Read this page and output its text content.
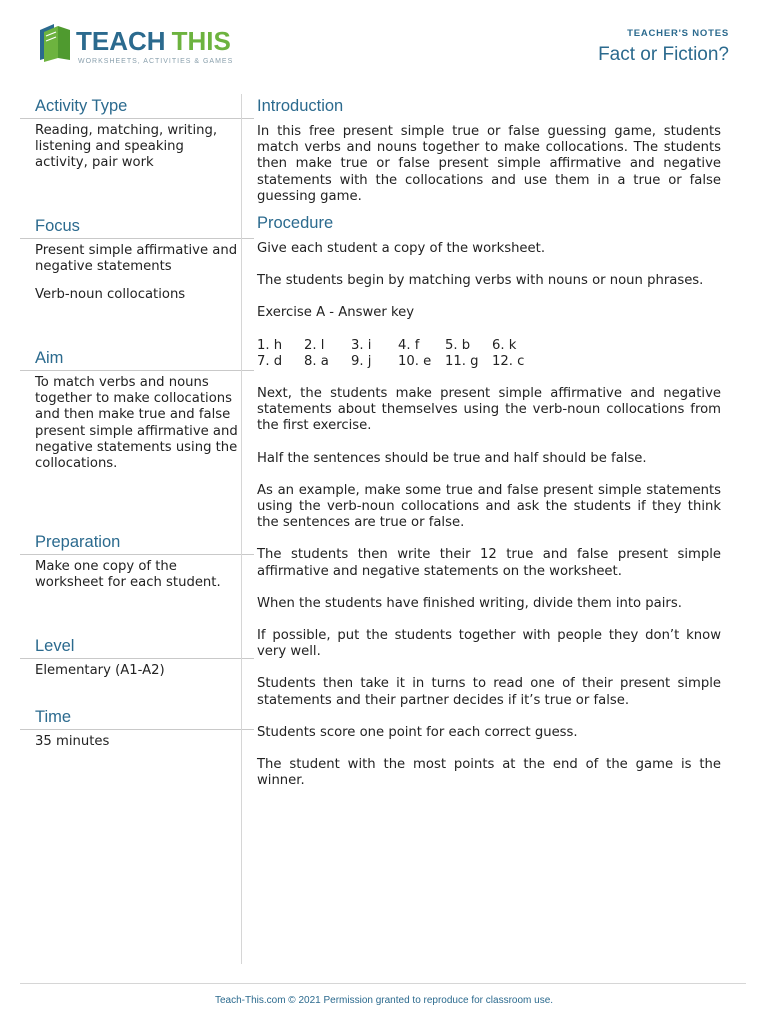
TEACH THIS
WORKSHEETS, ACTIVITIES & GAMES
TEACHER'S NOTES
Fact or Fiction?
Activity Type

Reading, matching, writing, listening and speaking activity, pair work

Focus

Present simple affirmative and negative statements

Verb-noun collocations

Aim

To match verbs and nouns together to make collocations and then make true and false present simple affirmative and negative statements using the collocations.

Preparation

Make one copy of the worksheet for each student.

Level

Elementary (A1-A2)

Time

35 minutes

Introduction

In this free present simple true or false guessing game, students match verbs and nouns together to make collocations. The students then make true or false present simple affirmative and negative statements with the collocations and use them in a true or false guessing game.

Procedure

Give each student a copy of the worksheet.

The students begin by matching verbs with nouns or noun phrases.

Exercise A - Answer key

1. h	2. l	3. i	4. f	5. b	6. k
7. d	8. a	9. j	10. e	11. g	12. c

Next, the students make present simple affirmative and negative statements about themselves using the verb-noun collocations from the first exercise.

Half the sentences should be true and half should be false.

As an example, make some true and false present simple statements using the verb-noun collocations and ask the students if they think the sentences are true or false.

The students then write their 12 true and false present simple affirmative and negative statements on the worksheet.

When the students have finished writing, divide them into pairs.

If possible, put the students together with people they don’t know very well.

Students then take it in turns to read one of their present simple statements and their partner decides if it’s true or false.

Students score one point for each correct guess.

The student with the most points at the end of the game is the winner.

Teach-This.com © 2021 Permission granted to reproduce for classroom use.
